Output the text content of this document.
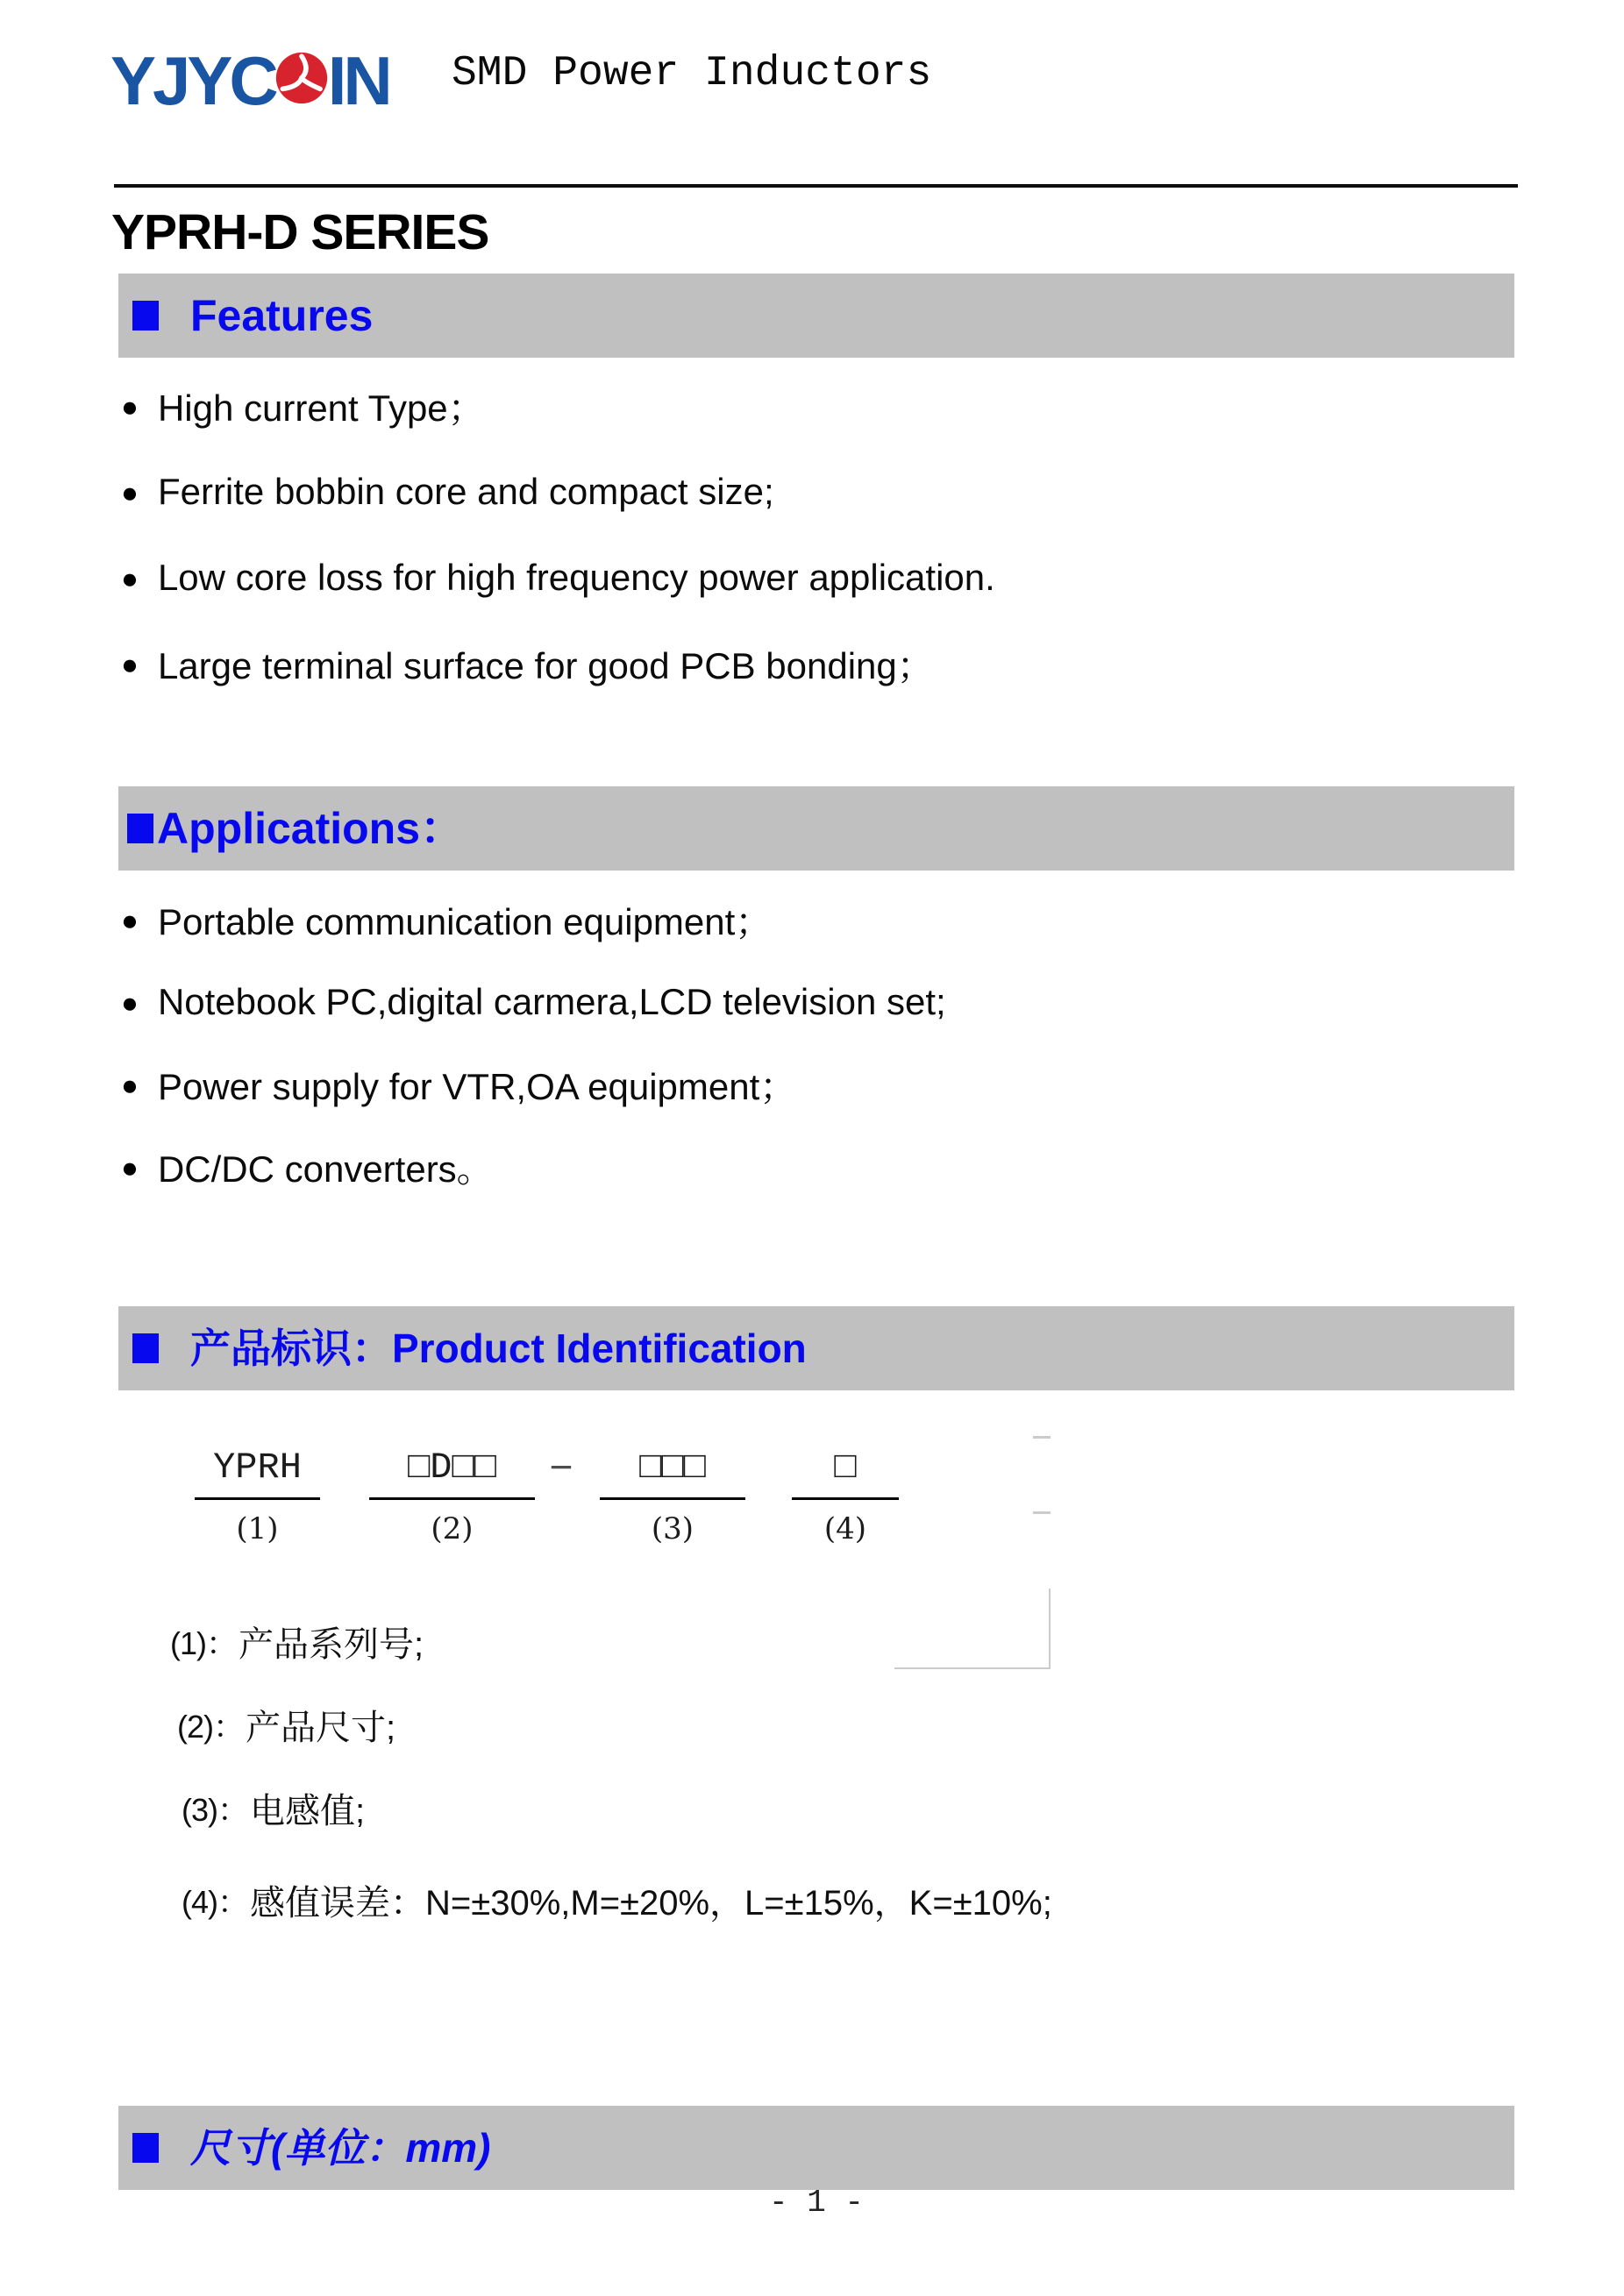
YJYC IN SMD Power Inductors
YPRH-D SERIES
Features
● High current Type；
● Ferrite bobbin core and compact size;
● Low core loss for high frequency power application.
● Large terminal surface for good PCB bonding；
Applications：
● Portable communication equipment；
● Notebook PC,digital carmera,LCD television set;
● Power supply for VTR,OA equipment；
● DC/DC converters。
产品标识： Product Identification
YPRH	□D□□	−	□□□	□
(1)	(2)	(3)	(4)
(1)： 产品系列号;
(2)： 产品尺寸;
(3)： 电感值;
(4)： 感值误差：N=±30%,M=±20%，L=±15%，K=±10%;
尺寸(单位：mm)
- 1 -
